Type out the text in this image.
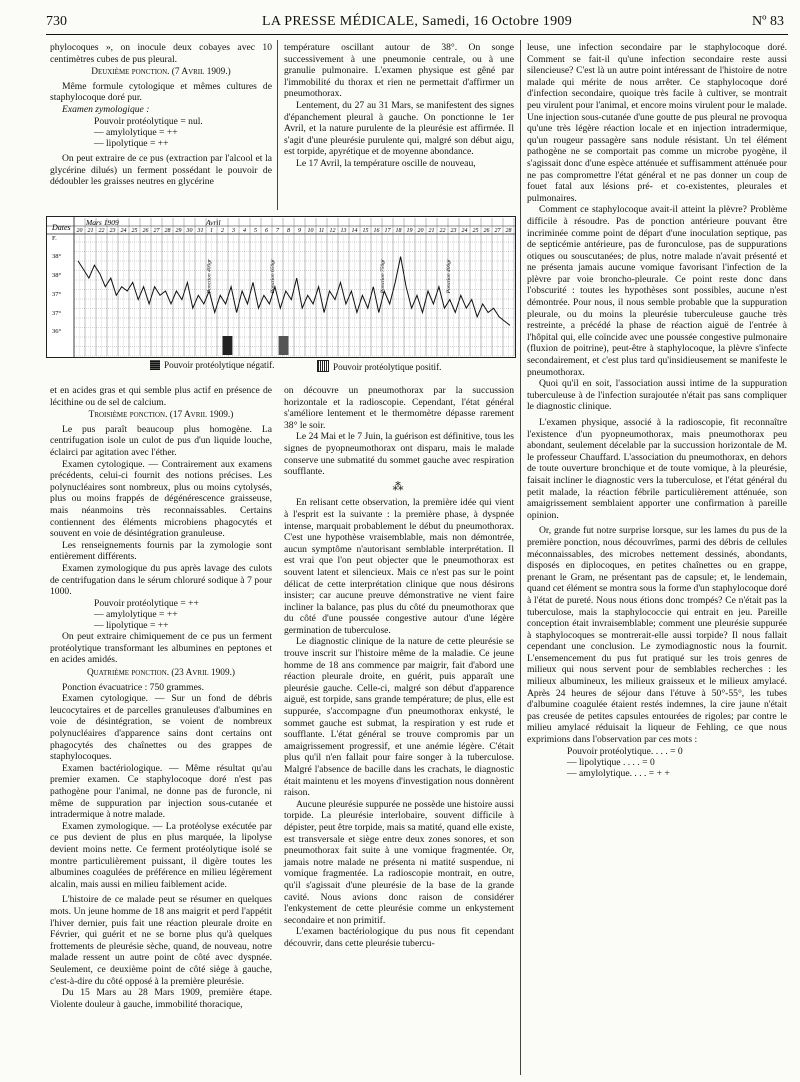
730	LA PRESSE MÉDICALE, Samedi, 16 Octobre 1909	Nº 83

phylocoques », on inocule deux cobayes avec 10 centimètres cubes de pus pleural.

Deuxième ponction. (7 Avril 1909.)

Même formule cytologique et mêmes cultures de staphylocoque doré pur.

Examen zymologique :

Pouvoir protéolytique = nul.
— amylolytique = ++
— lipolytique = ++

On peut extraire de ce pus (extraction par l'alcool et la glycérine dilués) un ferment possédant le pouvoir de dédoubler les graisses neutres en glycérine

température oscillant autour de 38°. On songe successivement à une pneumonie centrale, ou à une granulie pulmonaire. L'examen physique est gêné par l'immobilité du thorax et rien ne permettait d'affirmer un pneumothorax.

Lentement, du 27 au 31 Mars, se manifestent des signes d'épanchement pleural à gauche. On ponctionne le 1er Avril, et la nature purulente de la pleurésie est affirmée. Il s'agit d'une pleurésie purulente qui, malgré son début aigu, est torpide, apyrétique et de moyenne abondance.

Le 17 Avril, la température oscille de nouveau,

Dates
Mars 1909	Avril
20 21 22 23 24 25 26 27 28 29 30 31 1 2 3 4 5 6 7 8 9 10 11 12 13 14 15 16 17 18 19 20 21 22 23 24 25 26 27 28
F.
38°
38°
37°
37°
36°
Ponction 400gr	Ponction 650gr	Ponction 750gr	Ponction 400gr
Pouvoir protéolytique négatif.	Pouvoir protéolytique positif.

et en acides gras et qui semble plus actif en présence de lécithine ou de sel de calcium.

Troisième ponction. (17 Avril 1909.)

Le pus paraît beaucoup plus homogène. La centrifugation isole un culot de pus d'un liquide louche, éclairci par agitation avec l'éther.

Examen cytologique. — Contrairement aux examens précédents, celui-ci fournit des notions précises. Les polynucléaires sont nombreux, plus ou moins cytolysés, plus ou moins frappés de dégénérescence graisseuse, mais néanmoins très reconnaissables. Certains contiennent des éléments microbiens phagocytés et souvent en voie de désintégration granuleuse.

Les renseignements fournis par la zymologie sont entièrement différents.

Examen zymologique du pus après lavage des culots de centrifugation dans le sérum chloruré sodique à 7 pour 1000.

Pouvoir protéolytique = ++
— amylolytique = ++
— lipolytique = ++

On peut extraire chimiquement de ce pus un ferment protéolytique transformant les albumines en peptones et en acides amidés.

Quatrième ponction. (23 Avril 1909.)

Ponction évacuatrice : 750 grammes.

Examen cytologique. — Sur un fond de débris leucocytaires et de parcelles granuleuses d'albumines en voie de désintégration, se voient de nombreux polynucléaires d'apparence sains dont certains ont phagocytés des chaînettes ou des grappes de staphylocoques.

Examen bactériologique. — Même résultat qu'au premier examen. Ce staphylocoque doré n'est pas pathogène pour l'animal, ne donne pas de furoncle, ni même de suppuration par injection sous-cutanée et intradermique à notre malade.

Examen zymologique. — La protéolyse exécutée par ce pus devient de plus en plus marquée, la lipolyse devient moins nette. Ce ferment protéolytique isolé se montre particulièrement puissant, il digère toutes les albumines coagulées de préférence en milieu légèrement alcalin, mais aussi en milieu faiblement acide.

L'histoire de ce malade peut se résumer en quelques mots. Un jeune homme de 18 ans maigrit et perd l'appétit l'hiver dernier, puis fait une réaction pleurale droite en Février, qui guérit et ne se borne plus qu'à quelques frottements de pleurésie sèche, quand, de nouveau, notre malade ressent un autre point de côté avec dyspnée. Seulement, ce deuxième point de côté siège à gauche, c'est-à-dire du côté opposé à la première pleurésie.

Du 15 Mars au 28 Mars 1909, première étape. Violente douleur à gauche, immobilité thoracique,

on découvre un pneumothorax par la succussion horizontale et la radioscopie. Cependant, l'état général s'améliore lentement et le thermomètre dépasse rarement 38° le soir.

Le 24 Mai et le 7 Juin, la guérison est définitive, tous les signes de pyopneumothorax ont disparu, mais le malade conserve une submatité du sommet gauche avec respiration soufflante.

⁂

En relisant cette observation, la première idée qui vient à l'esprit est la suivante : la première phase, à dyspnée intense, marquait probablement le début du pneumothorax. C'est une hypothèse vraisemblable, mais non démontrée, aucun symptôme n'autorisant semblable interprétation. Il est vrai que l'on peut objecter que le pneumothorax est souvent latent et silencieux. Mais ce n'est pas sur le point délicat de cette interprétation clinique que nous désirons insister; car aucune preuve démonstrative ne vient faire incliner la balance, pas plus du côté du pneumothorax que du côté d'une poussée congestive autour d'une légère germination de tuberculose.

Le diagnostic clinique de la nature de cette pleurésie se trouve inscrit sur l'histoire même de la maladie. Ce jeune homme de 18 ans commence par maigrir, fait d'abord une réaction pleurale droite, en guérit, puis apparaît une pleurésie gauche. Celle-ci, malgré son début d'apparence aiguë, est torpide, sans grande température; de plus, elle est suppurée, s'accompagne d'un pneumothorax enkysté, le sommet gauche est submat, la respiration y est rude et soufflante. L'état général se trouve compromis par un amaigrissement progressif, et une anémie légère. C'était plus qu'il n'en fallait pour faire songer à la tuberculose. Malgré l'absence de bacille dans les crachats, le diagnostic était maintenu et les moyens d'investigation nous donnèrent raison.

Aucune pleurésie suppurée ne possède une histoire aussi torpide. La pleurésie interlobaire, souvent difficile à dépister, peut être torpide, mais sa matité, quand elle existe, est transversale et siège entre deux zones sonores, et son pneumothorax fait suite à une vomique fragmentée. Or, jamais notre malade ne présenta ni matité suspendue, ni vomique fragmentée. La radioscopie montrait, en outre, qu'il s'agissait d'une pleurésie de la base de la grande cavité. Nous avions donc raison de considérer l'enkystement de cette pleurésie comme un enkystement secondaire et non primitif.

L'examen bactériologique du pus nous fit cependant découvrir, dans cette pleurésie tubercu-

leuse, une infection secondaire par le staphylocoque doré. Comment se fait-il qu'une infection secondaire reste aussi silencieuse? C'est là un autre point intéressant de l'histoire de notre malade qui mérite de nous arrêter. Ce staphylocoque doré d'infection secondaire, quoique très facile à cultiver, se montrait peu virulent pour l'animal, et encore moins virulent pour le malade. Une injection sous-cutanée d'une goutte de pus pleural ne provoqua qu'une très légère réaction locale et en injection intradermique, qu'un rougeur passagère sans nodule résistant. Un tel élément pathogène ne se comportait pas comme un microbe pyogène, il s'agissait donc d'une espèce atténuée et suffisamment atténuée pour ne pas compromettre l'état général et ne pas donner un coup de fouet fatal aux lésions pré- et co-existentes, pleurales et pulmonaires.

Comment ce staphylocoque avait-il atteint la plèvre? Problème difficile à résoudre. Pas de ponction antérieure pouvant être incriminée comme point de départ d'une inoculation septique, pas de septicémie antérieure, pas de furonculose, pas de suppurations otiques ou souscutanées; de plus, notre malade n'avait présenté et ne présenta jamais aucune vomique favorisant l'infection de la plèvre par voie broncho-pleurale. Ce point reste donc dans l'obscurité : toutes les hypothèses sont possibles, aucune n'est démontrée. Pour nous, il nous semble probable que la suppuration pleurale, ou du moins la pleurésie tuberculeuse gauche très restreinte, a précédé la phase de réaction aiguë de l'entrée à l'hôpital qui, elle coïncide avec une poussée congestive pulmonaire (fluxion de poitrine), peut-être à staphylocoque, la plèvre s'infecte secondairement, et c'est plus tard qu'insidieusement se manifeste le pneumothorax.

Quoi qu'il en soit, l'association aussi intime de la suppuration tuberculeuse à de l'infection surajoutée n'était pas sans compliquer le diagnostic clinique.

L'examen physique, associé à la radioscopie, fit reconnaître l'existence d'un pyopneumothorax, mais pneumothorax peu abondant, seulement décelable par la succussion horizontale de M. le professeur Chauffard. L'association du pneumothorax, en dehors de toute ouverture bronchique et de toute vomique, à la pleurésie, faisait incliner le diagnostic vers la tuberculose, et l'état général du petit malade, la réaction fébrile particulièrement atténuée, son amaigrissement semblaient apporter une confirmation à pareille opinion.

Or, grande fut notre surprise lorsque, sur les lames du pus de la première ponction, nous découvrîmes, parmi des débris de cellules méconnaissables, des microbes nettement dessinés, abondants, disposés en diplocoques, en petites chaînettes ou en grappe, prenant le Gram, ne présentant pas de capsule; et, le lendemain, quand cet élément se montra sous la forme d'un staphylocoque doré à l'état de pureté. Nous nous étions donc trompés? Ce n'était pas la tuberculose, mais la staphylococcie qui entrait en jeu. Pareille conception était invraisemblable; comment une pleurésie suppurée à staphylocoques se montrerait-elle aussi torpide? Il nous fallait cependant une conclusion. Le zymodiagnostic nous la fournit. L'ensemencement du pus fut pratiqué sur les trois genres de milieux qui nous servent pour de semblables recherches : les milieux albumineux, les milieux graisseux et le milieux amylacé. Après 24 heures de séjour dans l'étuve à 50°-55°, les tubes d'albumine coagulée étaient restés indemnes, la cire jaune n'était pas creusée de petites capsules entourées de rigoles; par contre le milieu amylacé réduisait la liqueur de Fehling, ce que nous exprimions dans l'observation par ces mots :

Pouvoir protéolytique. . . . = 0
— lipolytique . . . . = 0
— amylolytique. . . . = + +
